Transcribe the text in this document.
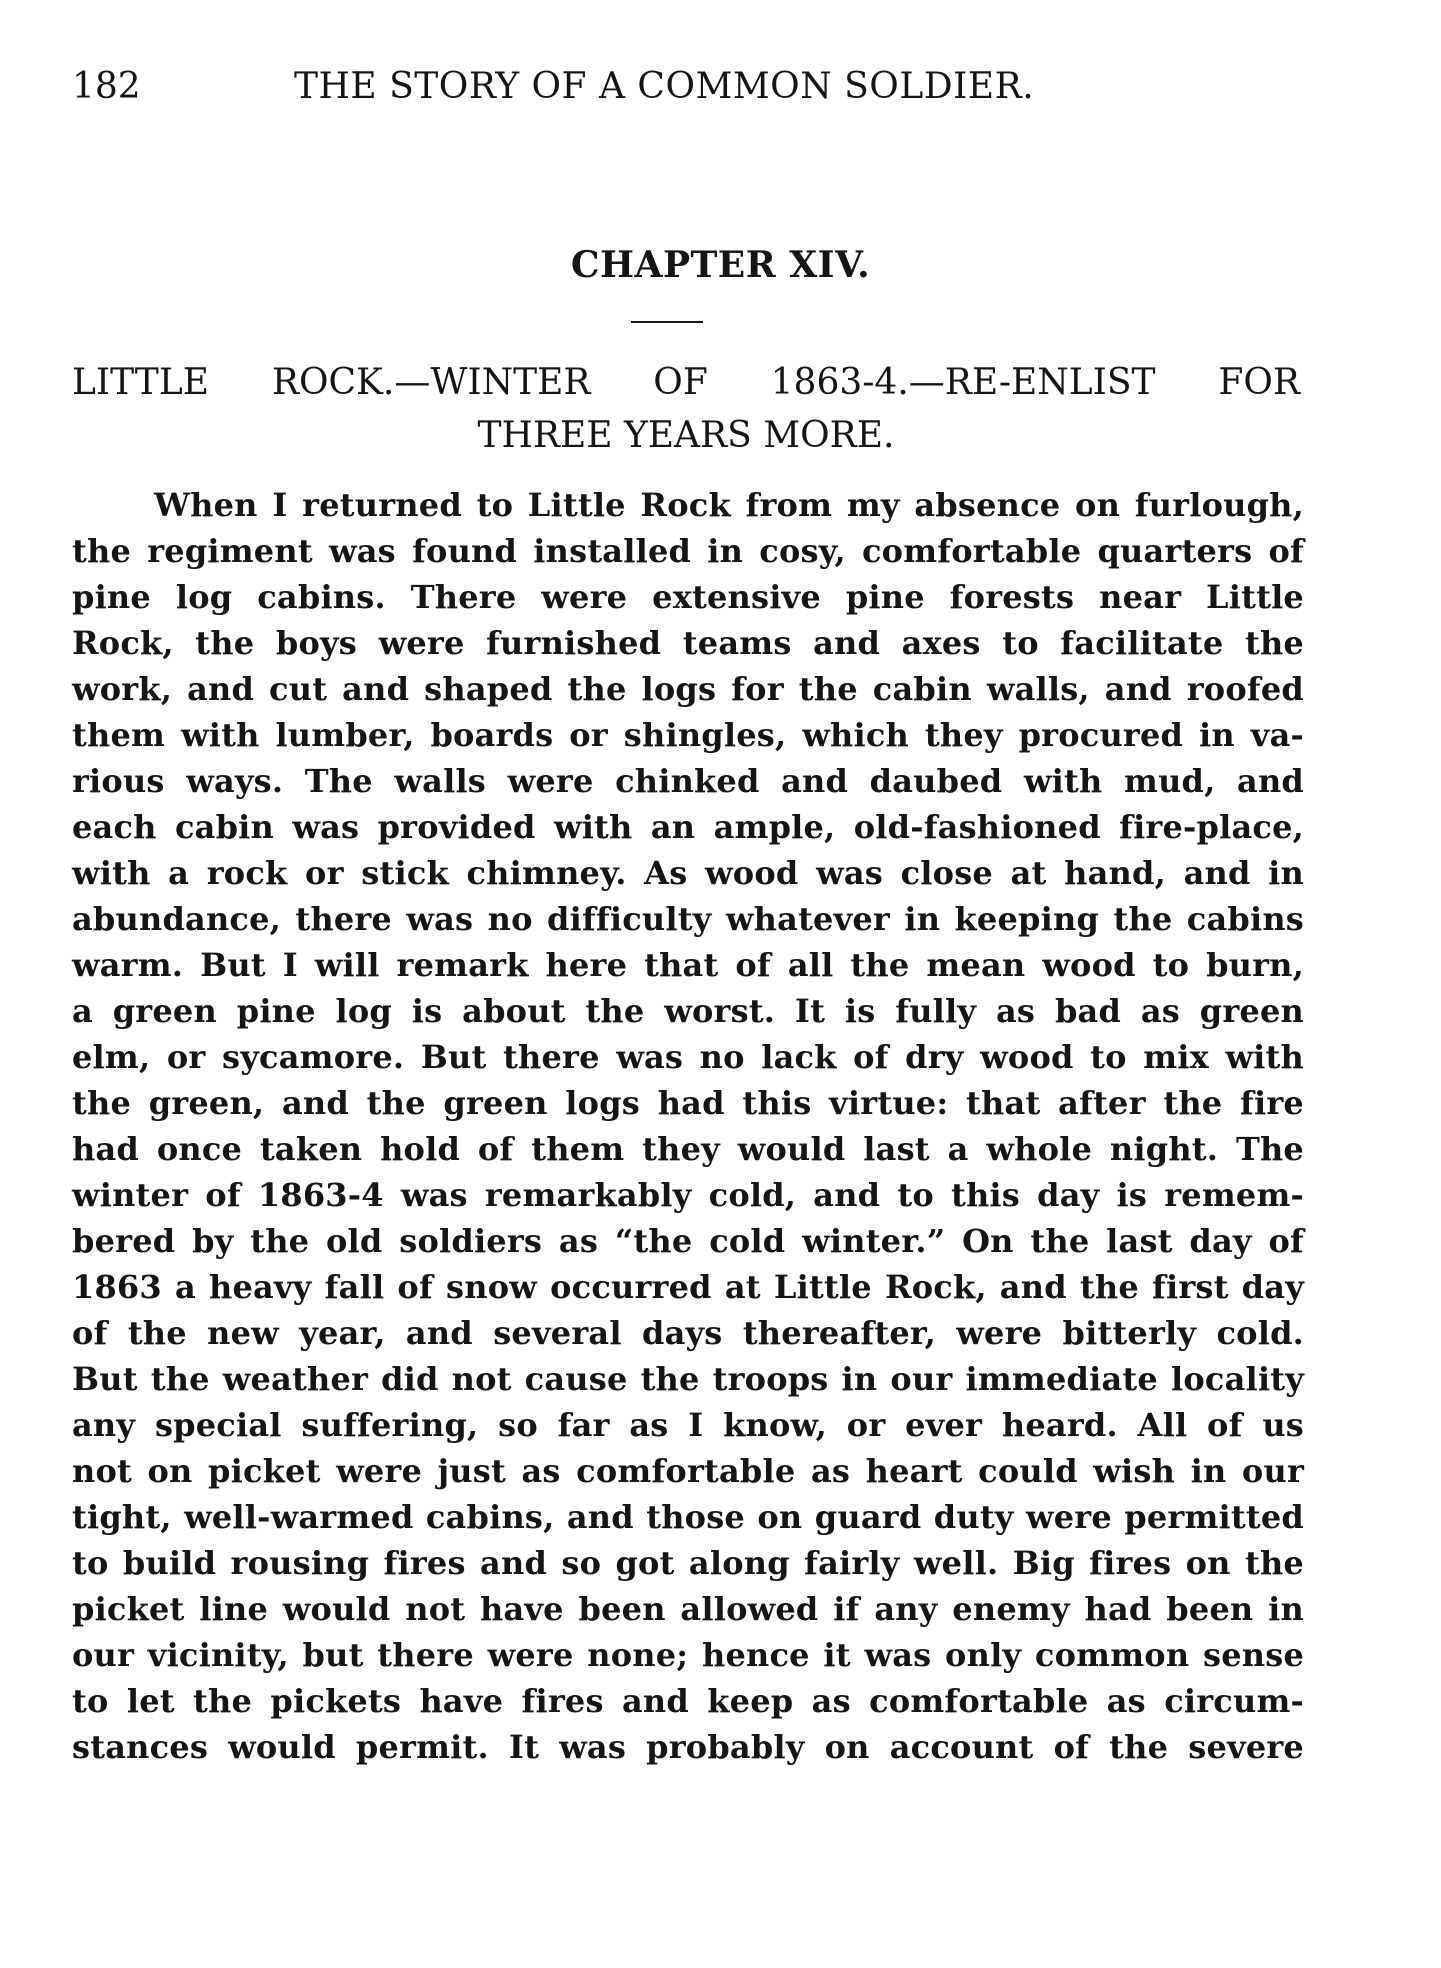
182	THE STORY OF A COMMON SOLDIER.
CHAPTER XIV.
LITTLE ROCK.—WINTER OF 1863-4.—RE-ENLIST FOR
THREE YEARS MORE.
When I returned to Little Rock from my absence on furlough,
the regiment was found installed in cosy, comfortable quarters of
pine log cabins. There were extensive pine forests near Little
Rock, the boys were furnished teams and axes to facilitate the
work, and cut and shaped the logs for the cabin walls, and roofed
them with lumber, boards or shingles, which they procured in va-
rious ways. The walls were chinked and daubed with mud, and
each cabin was provided with an ample, old-fashioned fire-place,
with a rock or stick chimney. As wood was close at hand, and in
abundance, there was no difficulty whatever in keeping the cabins
warm. But I will remark here that of all the mean wood to burn,
a green pine log is about the worst. It is fully as bad as green
elm, or sycamore. But there was no lack of dry wood to mix with
the green, and the green logs had this virtue: that after the fire
had once taken hold of them they would last a whole night. The
winter of 1863-4 was remarkably cold, and to this day is remem-
bered by the old soldiers as “the cold winter.” On the last day of
1863 a heavy fall of snow occurred at Little Rock, and the first day
of the new year, and several days thereafter, were bitterly cold.
But the weather did not cause the troops in our immediate locality
any special suffering, so far as I know, or ever heard. All of us
not on picket were just as comfortable as heart could wish in our
tight, well-warmed cabins, and those on guard duty were permitted
to build rousing fires and so got along fairly well. Big fires on the
picket line would not have been allowed if any enemy had been in
our vicinity, but there were none; hence it was only common sense
to let the pickets have fires and keep as comfortable as circum-
stances would permit. It was probably on account of the severe
